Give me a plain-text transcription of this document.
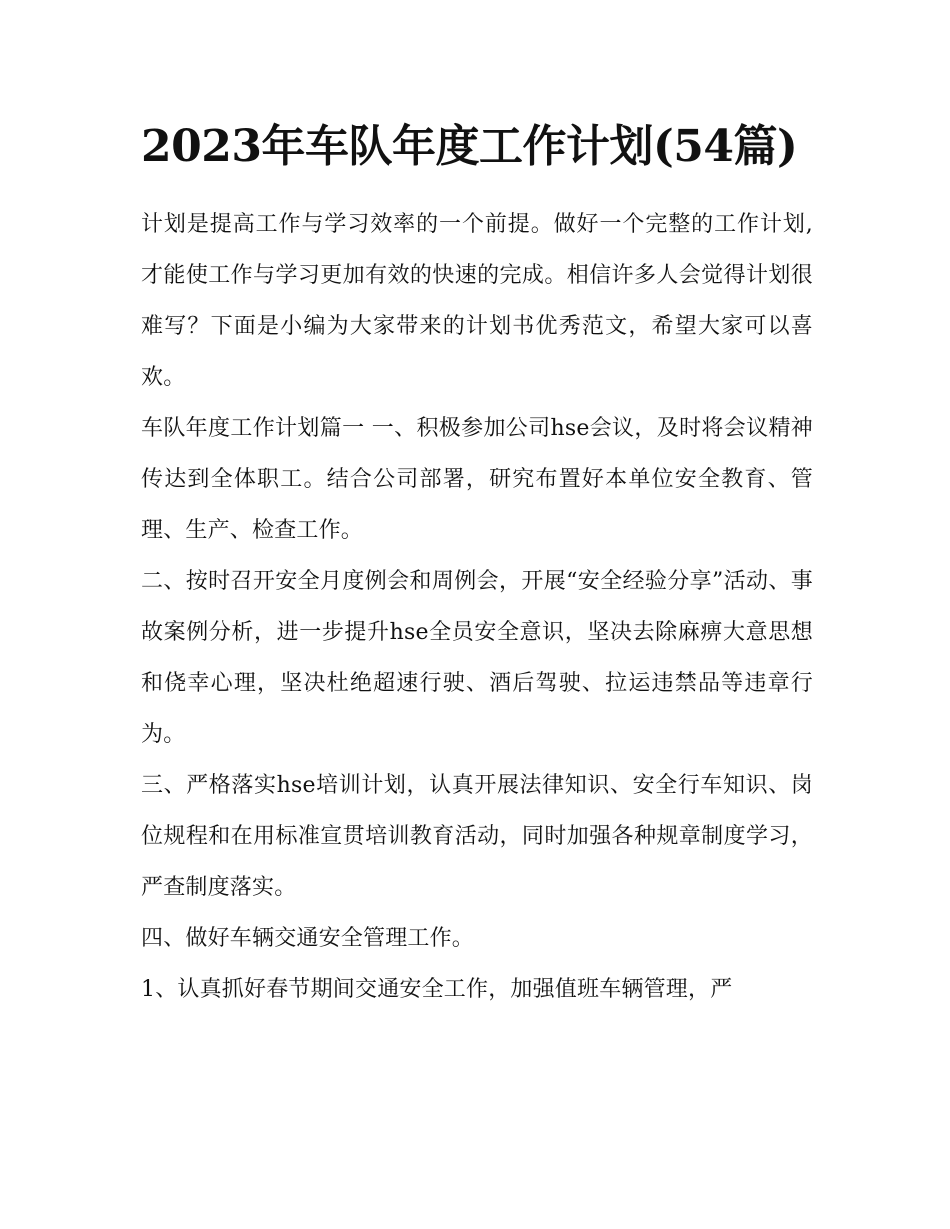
2023年车队年度工作计划(54篇)

计划是提高工作与学习效率的一个前提。做好一个完整的工作计划,才能使工作与学习更加有效的快速的完成。相信许多人会觉得计划很难写？下面是小编为大家带来的计划书优秀范文，希望大家可以喜欢。

车队年度工作计划篇一 一、积极参加公司hse会议，及时将会议精神传达到全体职工。结合公司部署，研究布置好本单位安全教育、管理、生产、检查工作。

二、按时召开安全月度例会和周例会，开展“安全经验分享”活动、事故案例分析，进一步提升hse全员安全意识，坚决去除麻痹大意思想和侥幸心理，坚决杜绝超速行驶、酒后驾驶、拉运违禁品等违章行为。

三、严格落实hse培训计划，认真开展法律知识、安全行车知识、岗位规程和在用标准宣贯培训教育活动，同时加强各种规章制度学习，严查制度落实。

四、做好车辆交通安全管理工作。

1、认真抓好春节期间交通安全工作，加强值班车辆管理，严
